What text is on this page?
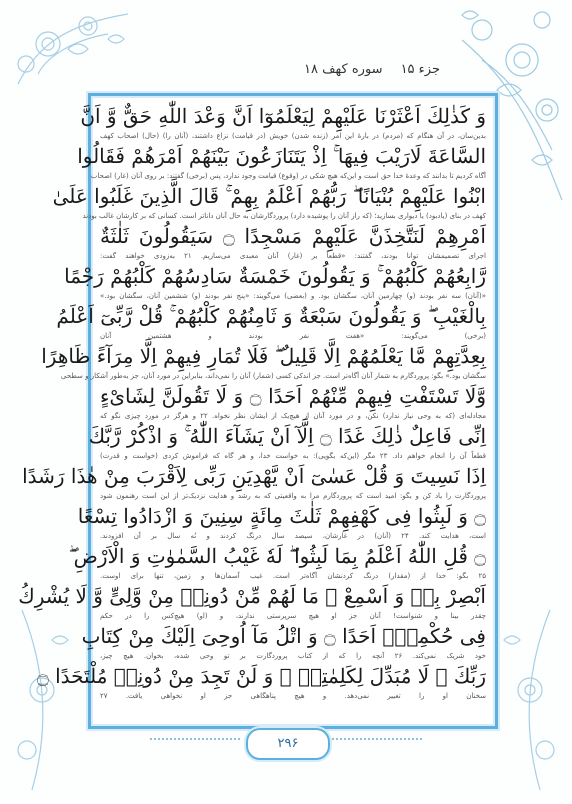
جزء ۱۵
سوره کهف ۱۸
وَ كَذٰلِكَ اَعْثَرْنَا عَلَيْهِمْ لِيَعْلَمُوٓا اَنَّ وَعْدَ اللّٰهِ حَقٌّ وَّ اَنَّ
بدین‌سان، در آن هنگام که (مردم) در بارۀ این امر (زنده شدن) خویش (در قیامت) نزاع داشتند، (آنان را) (حال) اصحاب کهف
السَّاعَةَ لَارَيْبَ فِيهَا ۚ اِذْ يَتَنَازَعُونَ بَيْنَهُمْ اَمْرَهُمْ فَقَالُوا
آگاه کردیم تا بدانند که وعدۀ خدا حق است و این‌که هیچ شکی در (وقوع) قیامت وجود ندارد، پس (برخی) گفتند: بر روی آنان (غار) اصحاب
ابْنُوا عَلَيْهِمْ بُنْيَانًا ۖ رَبُّهُمْ اَعْلَمُ بِهِمْ ۚ قَالَ الَّذِينَ غَلَبُوا عَلَىٰ
کهف در بنای (یادبود) یا دیواری بسازید؛ (که راز آنان را پوشیده دارد) پروردگارشان به حال آنان داناتر است. کسانی که بر کارشان غالب بودند
اَمْرِهِمْ لَنَتَّخِذَنَّ عَلَيْهِمْ مَسْجِدًا ۝ سَيَقُولُونَ ثَلٰثَةٌ
اجرای تصمیمشان توانا بودند، گفتند: «قطعاً بر (غار) آنان معبدی می‌سازیم. ۲۱ به‌زودی خواهند گفت:
رَّابِعُهُمْ كَلْبُهُمْ ۚ وَ يَقُولُونَ خَمْسَةٌ سَادِسُهُمْ كَلْبُهُمْ رَجْمًا
«(آنان) سه نفر بودند (و) چهارمین آنان، سگشان بود. و (بعضی) می‌گویند: «پنج نفر بودند (و) ششمین آنان، سگشان بود.»
بِالْغَيْبِ ۖ وَ يَقُولُونَ سَبْعَةٌ وَ ثَامِنُهُمْ كَلْبُهُمْ ۚ قُلْ رَّبِّىٓ اَعْلَمُ
(برخی) می‌گویند: «هفت نفر بودند و هشتمین آنان
بِعِدَّتِهِمْ مَّا يَعْلَمُهُمْ اِلَّا قَلِيلٌ ۖ فَلَا تُمَارِ فِيهِمْ اِلَّا مِرَآءً ظَاهِرًا
سگشان بود.» بگو: پروردگارم به شمار آنان آگاه‌تر است. جز اندکی کسی (شمار) آنان را نمی‌داند، بنابراین در مورد آنان، جز به‌طور آشکار و سطحی
وَّلَا تَسْتَفْتِ فِيهِمْ مِّنْهُمْ اَحَدًا ۝ وَ لَا تَقُولَنَّ لِشَاىْءٍ
مجادله‌ای (که به وحی نیاز ندارد) نکن، و در مورد آنان از هیچ‌یک از ایشان نظر نخواه. ۲۲ و هرگز در مورد چیزی نگو که
اِنِّى فَاعِلٌ ذٰلِكَ غَدًا ۝ اِلَّآ اَنْ يَشَآءَ اللّٰهُ ۚ وَ اذْكُرْ رَّبَّكَ
قطعاً آن را انجام خواهم داد. ۲۳ مگر (این‌که بگویی): به خواست خدا، و هر گاه که فراموش کردی (خواست و قدرت)
اِذَا نَسِيتَ وَ قُلْ عَسٰىٓ اَنْ يَّهْدِيَنِ رَبِّى لِاَقْرَبَ مِنْ هٰذَا رَشَدًا
پروردگارت را یاد کن و بگو: امید است که پروردگارم مرا به واقعیتی که به رشد و هدایت نزدیک‌تر از این است رهنمون شود
۝ وَ لَبِثُوا فِى كَهْفِهِمْ ثَلٰثَ مِائَةٍ سِنِينَ وَ ازْدَادُوا تِسْعًا
است، هدایت کند. ۲۴ (آنان) در غارشان، سیصد سال درنگ کردند و نُه سال بر آن افزودند.
۝ قُلِ اللّٰهُ اَعْلَمُ بِمَا لَبِثُوا ۖ لَهٗ غَيْبُ السَّمٰوٰتِ وَ الْاَرْضِ ۖ
۲۵ بگو: خدا از (مقدار) درنگ کردنشان آگاه‌تر است. غیب آسمان‌ها و زمین، تنها برای اوست.
اَبْصِرْ بِهٖ وَ اَسْمِعْ ۚ مَا لَهُمْ مِّنْ دُونِهٖ مِنْ وَّلِىٍّ وَّ لَا يُشْرِكُ
چقدر بینا و شنواست! آنان جز او هیچ سرپرستی ندارند، و (او) هیچ‌کس را در حکم
فِى حُكْمِهٖٓ اَحَدًا ۝ وَ اتْلُ مَآ اُوحِىَ اِلَيْكَ مِنْ كِتَابِ
خود شریک نمی‌کند. ۲۶ آنچه را که از کتاب پروردگارت بر تو وحی شده، بخوان. هیچ چیز،
رَبِّكَ ۖ لَا مُبَدِّلَ لِكَلِمٰتِهٖ ۚ وَ لَنْ تَجِدَ مِنْ دُونِهٖ مُلْتَحَدًا ۝
سخنان او را تغییر نمی‌دهد. و هیچ پناهگاهی جز او نخواهی یافت. ۲۷
۲۹۶
